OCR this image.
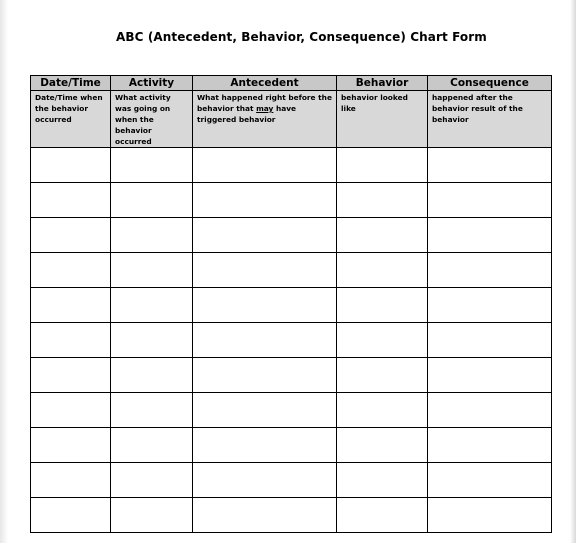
ABC (Antecedent, Behavior, Consequence) Chart Form
Date/Time	Activity	Antecedent	Behavior	Consequence
Date/Time when the behavior occurred	What activity was going on when the behavior occurred	What happened right before the behavior that may have triggered behavior	behavior looked like	happened after the behavior result of the behavior
